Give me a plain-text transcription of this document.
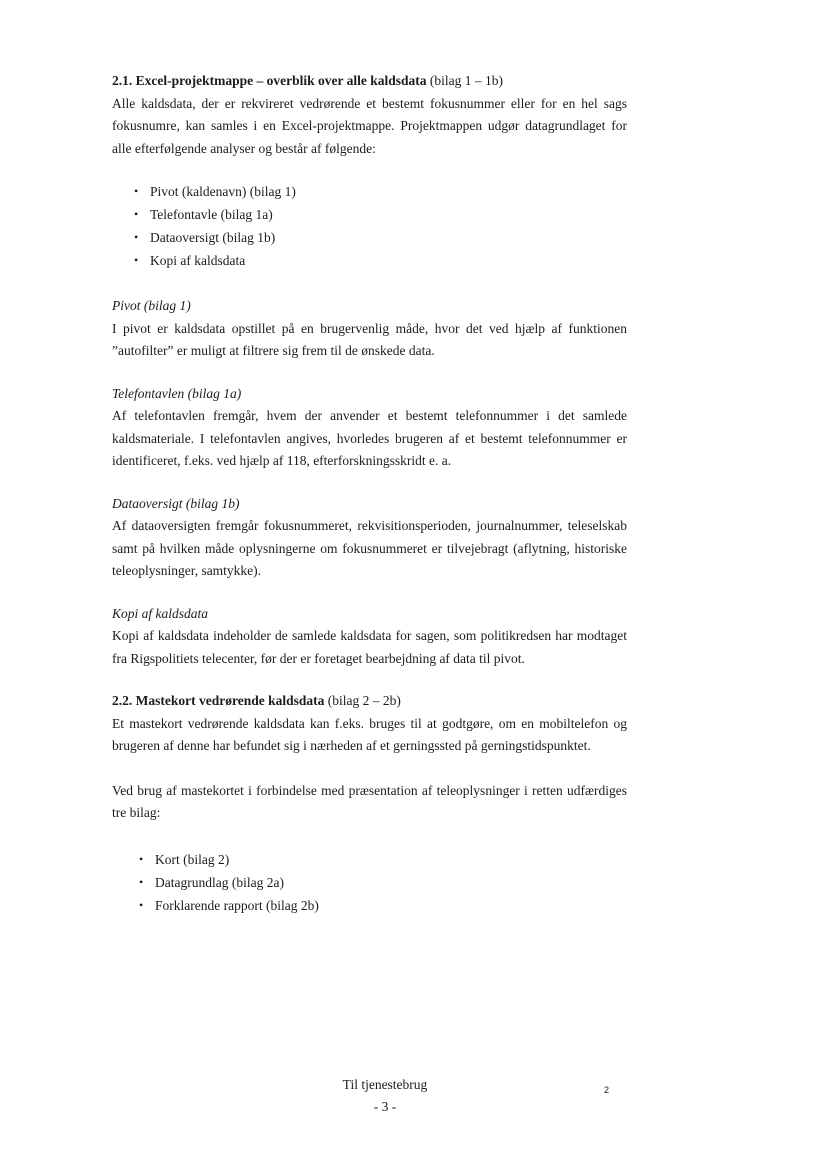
2.1. Excel-projektmappe – overblik over alle kaldsdata (bilag 1 – 1b)

Alle kaldsdata, der er rekvireret vedrørende et bestemt fokusnummer eller for en hel sags fokusnumre, kan samles i en Excel-projektmappe. Projektmappen udgør datagrundlaget for alle efterfølgende analyser og består af følgende:

• Pivot (kaldenavn) (bilag 1)
• Telefontavle (bilag 1a)
• Dataoversigt (bilag 1b)
• Kopi af kaldsdata
Pivot (bilag 1)

I pivot er kaldsdata opstillet på en brugervenlig måde, hvor det ved hjælp af funktionen ”autofilter” er muligt at filtrere sig frem til de ønskede data.

Telefontavlen (bilag 1a)

Af telefontavlen fremgår, hvem der anvender et bestemt telefonnummer i det samlede kaldsmateriale. I telefontavlen angives, hvorledes brugeren af et bestemt telefonnummer er identificeret, f.eks. ved hjælp af 118, efterforskningsskridt e. a.

Dataoversigt (bilag 1b)

Af dataoversigten fremgår fokusnummeret, rekvisitionsperioden, journalnummer, teleselskab samt på hvilken måde oplysningerne om fokusnummeret er tilvejebragt (aflytning, historiske teleoplysninger, samtykke).

Kopi af kaldsdata

Kopi af kaldsdata indeholder de samlede kaldsdata for sagen, som politikredsen har modtaget fra Rigspolitiets telecenter, før der er foretaget bearbejdning af data til pivot.

2.2. Mastekort vedrørende kaldsdata (bilag 2 – 2b)

Et mastekort vedrørende kaldsdata kan f.eks. bruges til at godtgøre, om en mobiltelefon og brugeren af denne har befundet sig i nærheden af et gerningssted på gerningstidspunktet.

Ved brug af mastekortet i forbindelse med præsentation af teleoplysninger i retten udfærdiges tre bilag:

• Kort (bilag 2)
• Datagrundlag (bilag 2a)
• Forklarende rapport (bilag 2b)
Til tjenestebrug
- 3 -
2
